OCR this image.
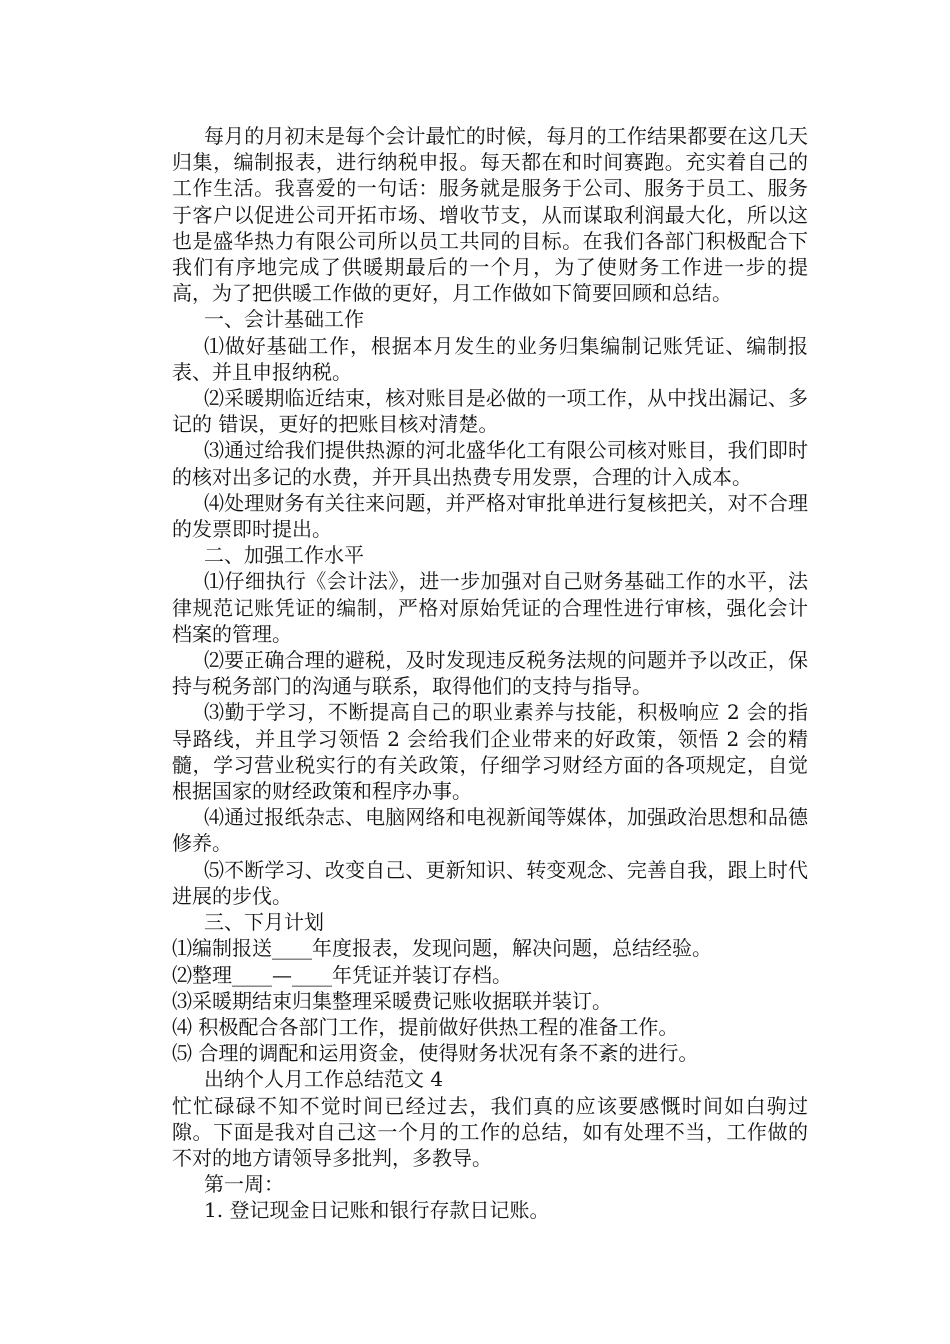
每月的月初末是每个会计最忙的时候，每月的工作结果都要在这几天归集，编制报表，进行纳税申报。每天都在和时间赛跑。充实着自己的工作生活。我喜爱的一句话：服务就是服务于公司、服务于员工、服务于客户以促进公司开拓市场、增收节支，从而谋取利润最大化，所以这也是盛华热力有限公司所以员工共同的目标。在我们各部门积极配合下我们有序地完成了供暖期最后的一个月，为了使财务工作进一步的提高，为了把供暖工作做的更好，月工作做如下简要回顾和总结。

一、会计基础工作

⑴做好基础工作，根据本月发生的业务归集编制记账凭证、编制报表、并且申报纳税。

⑵采暖期临近结束，核对账目是必做的一项工作，从中找出漏记、多记的 错误，更好的把账目核对清楚。

⑶通过给我们提供热源的河北盛华化工有限公司核对账目，我们即时的核对出多记的水费，并开具出热费专用发票，合理的计入成本。

⑷处理财务有关往来问题，并严格对审批单进行复核把关，对不合理的发票即时提出。

二、加强工作水平

⑴仔细执行《会计法》，进一步加强对自己财务基础工作的水平，法律规范记账凭证的编制，严格对原始凭证的合理性进行审核，强化会计档案的管理。

⑵要正确合理的避税，及时发现违反税务法规的问题并予以改正，保持与税务部门的沟通与联系，取得他们的支持与指导。

⑶勤于学习，不断提高自己的职业素养与技能，积极响应 2 会的指导路线，并且学习领悟 2 会给我们企业带来的好政策，领悟 2 会的精髓，学习营业税实行的有关政策，仔细学习财经方面的各项规定，自觉根据国家的财经政策和程序办事。

⑷通过报纸杂志、电脑网络和电视新闻等媒体，加强政治思想和品德修养。

⑸不断学习、改变自己、更新知识、转变观念、完善自我，跟上时代进展的步伐。

三、下月计划

⑴编制报送____年度报表，发现问题，解决问题，总结经验。

⑵整理____—____年凭证并装订存档。

⑶采暖期结束归集整理采暖费记账收据联并装订。

⑷ 积极配合各部门工作，提前做好供热工程的准备工作。

⑸ 合理的调配和运用资金，使得财务状况有条不紊的进行。

出纳个人月工作总结范文 4

忙忙碌碌不知不觉时间已经过去，我们真的应该要感慨时间如白驹过隙。下面是我对自己这一个月的工作的总结，如有处理不当，工作做的不对的地方请领导多批判，多教导。

第一周：

1. 登记现金日记账和银行存款日记账。
